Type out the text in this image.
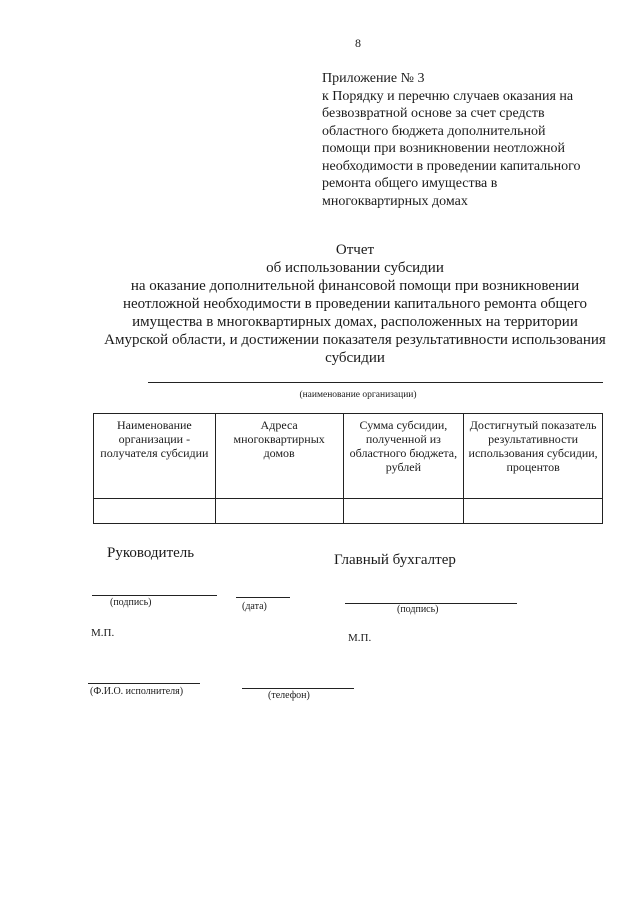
8
Приложение № 3
к Порядку и перечню случаев оказания на
безвозвратной основе за счет средств
областного бюджета дополнительной
помощи при возникновении неотложной
необходимости в проведении капитального
ремонта общего имущества в
многоквартирных домах
Отчет
об использовании субсидии
на оказание дополнительной финансовой помощи при возникновении
неотложной необходимости в проведении капитального ремонта общего
имущества в многоквартирных домах, расположенных на территории
Амурской области, и достижении показателя результативности использования
субсидии
(наименование организации)
Наименование организации - получателя субсидии	Адреса многоквартирных домов	Сумма субсидии, полученной из областного бюджета, рублей	Достигнутый показатель результативности использования субсидии, процентов

Руководитель	Главный бухгалтер
(подпись)	(дата)	(подпись)
М.П.	М.П.
(Ф.И.О. исполнителя)	(телефон)
